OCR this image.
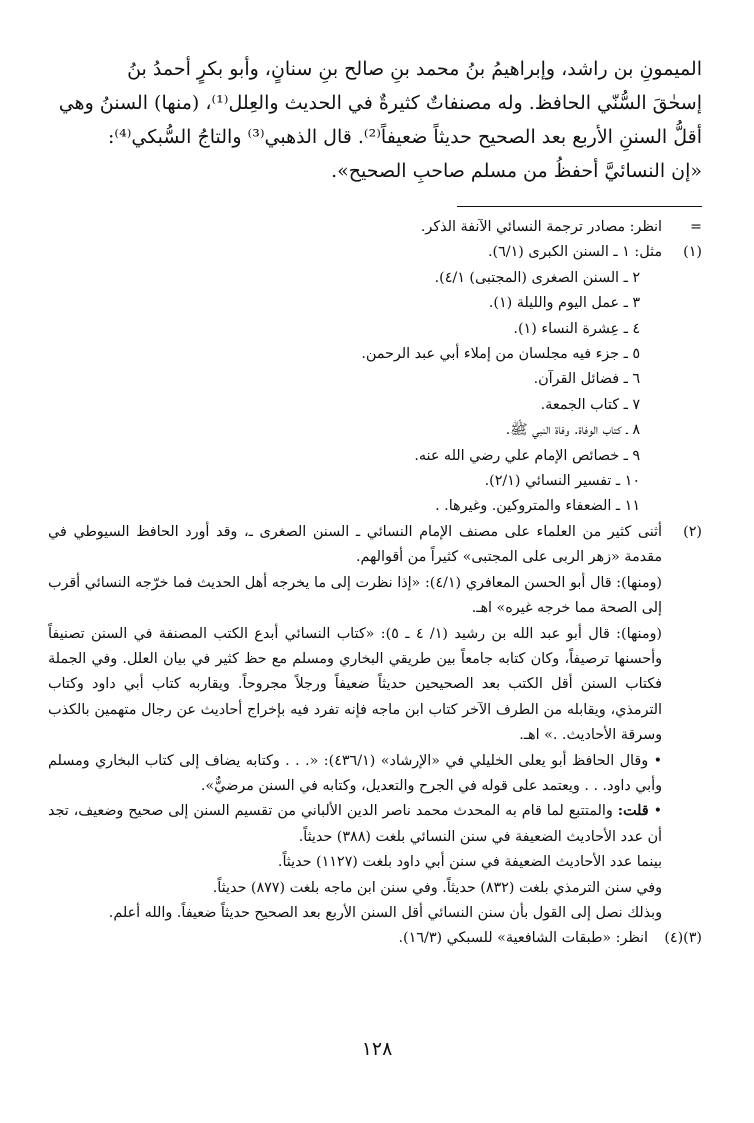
الميمونِ بن راشد، وإبراهيمُ بنُ محمد بنِ صالح بنِ سنانٍ، وأبو بكرٍ أحمدُ بنُ

إسحٰقَ السُّنّي الحافظ. وله مصنفاتٌ كثيرةٌ في الحديث والعِلل⁽¹⁾، (منها) السننُ وهي

أقلُّ السننِ الأربع بعد الصحيح حديثاً ضعيفاً⁽²⁾. قال الذهبي⁽³⁾ والتاجُ السُّبكي⁽⁴⁾:

«إن النسائيَّ أحفظُ من مسلم صاحبِ الصحيح».

=
انظر: مصادر ترجمة النسائي الآنفة الذكر.
(١)
مثل: ١ ـ السنن الكبرى (٦/١).

٢ ـ السنن الصغرى (المجتبى) ٤/١).

٣ ـ عمل اليوم والليلة (١).

٤ ـ عِشرة النساء (١).

٥ ـ جزء فيه مجلسان من إملاء أبي عبد الرحمن.

٦ ـ فضائل القرآن.

٧ ـ كتاب الجمعة.

٨ ـ كتاب الوفاة. وفاة النبي ﷺ.

٩ ـ خصائص الإمام علي رضي الله عنه.

١٠ ـ تفسير النسائي (٢/١).

١١ ـ الضعفاء والمتروكين. وغيرها. .

(٢)
أثنى كثير من العلماء على مصنف الإمام النسائي ـ السنن الصغرى ـ، وقد أورد الحافظ السيوطي في مقدمة «زهر الربى على المجتبى» كثيراً من أقوالهم.

(ومنها): قال أبو الحسن المعافري (٤/١): «إذا نظرت إلى ما يخرجه أهل الحديث فما خرّجه النسائي أقرب إلى الصحة مما خرجه غيره» اهـ.

(ومنها): قال أبو عبد الله بن رشيد (١/ ٤ ـ ٥): «كتاب النسائي أبدع الكتب المصنفة في السنن تصنيفاً وأحسنها ترصيفاً، وكان كتابه جامعاً بين طريقي البخاري ومسلم مع حظ كثير في بيان العلل. وفي الجملة فكتاب السنن أقل الكتب بعد الصحيحين حديثاً ضعيفاً ورجلاً مجروحاً. ويقاربه كتاب أبي داود وكتاب الترمذي، ويقابله من الطرف الآخر كتاب ابن ماجه فإنه تفرد فيه بإخراج أحاديث عن رجال متهمين بالكذب وسرقة الأحاديث. .» اهـ.

• وقال الحافظ أبو يعلى الخليلي في «الإرشاد» (٤٣٦/١): «. . . وكتابه يضاف إلى كتاب البخاري ومسلم وأبي داود. . . ويعتمد على قوله في الجرح والتعديل، وكتابه في السنن مرضيٌّ».

• قلت: والمتتبع لما قام به المحدث محمد ناصر الدين الألباني من تقسيم السنن إلى صحيح وضعيف، تجد أن عدد الأحاديث الضعيفة في سنن النسائي بلغت (٣٨٨) حديثاً.

بينما عدد الأحاديث الضعيفة في سنن أبي داود بلغت (١١٢٧) حديثاً.

وفي سنن الترمذي بلغت (٨٣٢) حديثاً. وفي سنن ابن ماجه بلغت (٨٧٧) حديثاً.

وبذلك نصل إلى القول بأن سنن النسائي أقل السنن الأربع بعد الصحيح حديثاً ضعيفاً. والله أعلم.

(٣)(٤)
انظر: «طبقات الشافعية» للسبكي (١٦/٣).
١٢٨
